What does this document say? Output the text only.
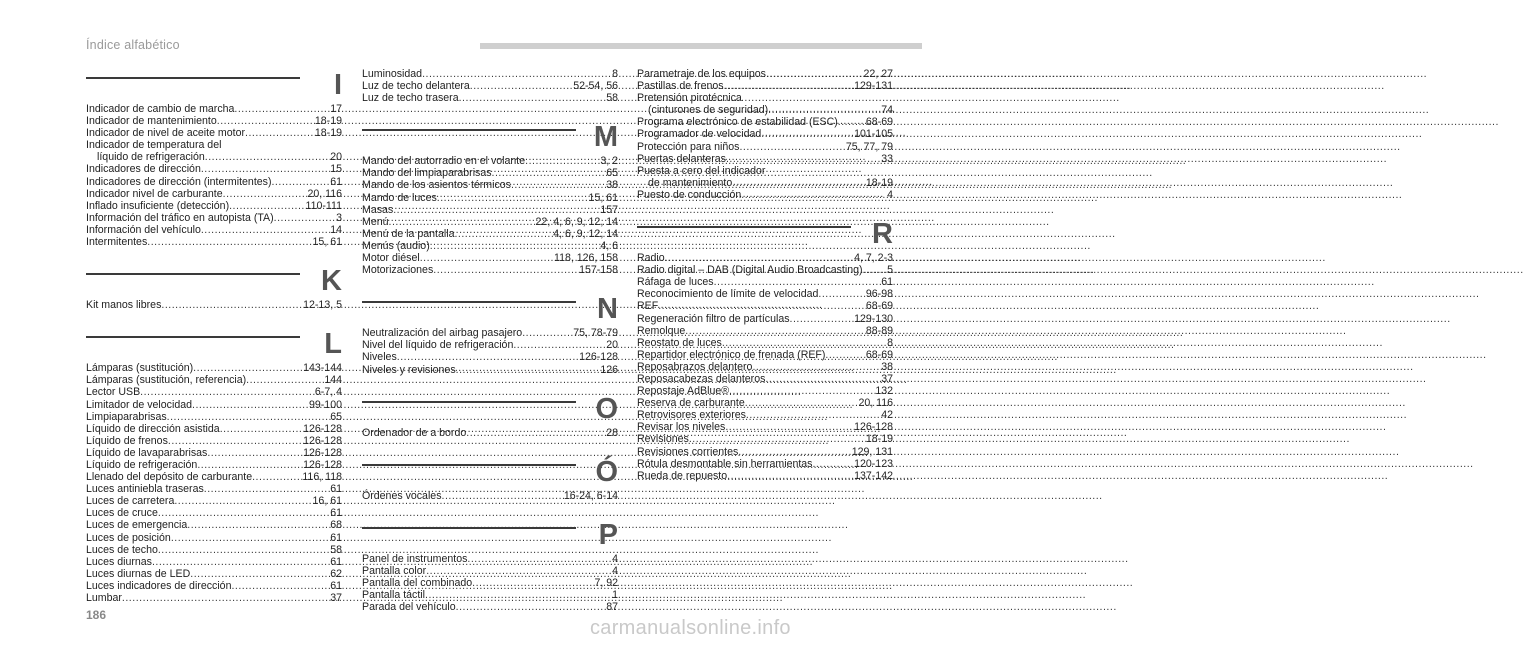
Índice alfabético
I
Indicador de cambio de marcha .....	17
Indicador de mantenimiento .....	18-19
Indicador de nivel de aceite motor .....	18-19
Indicador de temperatura del
líquido de refrigeración .....	20
Indicadores de dirección .....	15
Indicadores de dirección (intermitentes) .....	61
Indicador nivel de carburante .....	20, 116
Inflado insuficiente (detección) .....	110-111
Información del tráfico en autopista (TA) .....	3
Información del vehículo .....	14
Intermitentes .....	15, 61
K
Kit manos libres .....	12-13, 5
L
Lámparas (sustitución) .....	143-144
Lámparas (sustitución, referencia) .....	144
Lector USB .....	6-7, 4
Limitador de velocidad .....	99-100
Limpiaparabrisas .....	65
Líquido de dirección asistida .....	126-128
Líquido de frenos .....	126-128
Líquido de lavaparabrisas .....	126-128
Líquido de refrigeración .....	126-128
Llenado del depósito de carburante .....	116, 118
Luces antiniebla traseras .....	61
Luces de carretera .....	16, 61
Luces de cruce .....	61
Luces de emergencia .....	68
Luces de posición .....	61
Luces de techo .....	58
Luces diurnas .....	61
Luces diurnas de LED .....	62
Luces indicadores de dirección .....	61
Lumbar .....	37
Luminosidad .....	8
Luz de techo delantera .....	52-54, 56
Luz de techo trasera .....	58
M
Mando del autorradio en el volante .....	3, 2
Mando del limpiaparabrisas .....	65
Mando de los asientos térmicos .....	38
Mando de luces .....	15, 61
Masas .....	157
Menú .....	22, 4, 6, 9, 12, 14
Menú de la pantalla .....	4, 6, 9, 12, 14
Menús (audio) .....	4, 6
Motor diésel .....	118, 126, 158
Motorizaciones .....	157-158
N
Neutralización del airbag pasajero .....	75, 78-79
Nivel del líquido de refrigeración .....	20
Niveles .....	126-128
Niveles y revisiones .....	126
O
Ordenador de a bordo .....	28
Ó
Órdenes vocales .....	16-24, 6-14
P
Panel de instrumentos .....	4
Pantalla color .....	4
Pantalla del combinado .....	7, 92
Pantalla táctil .....	1
Parada del vehículo .....	87
Parametraje de los equipos .....	22, 27
Pastillas de frenos .....	129-131
Pretensión pirotécnica
(cinturones de seguridad) .....	74
Programa electrónico de estabilidad (ESC) .....	68-69
Programador de velocidad .....	101-105
Protección para niños .....	75, 77, 79
Puertas delanteras .....	33
Puesta a cero del indicador
de mantenimiento .....	18-19
Puesto de conducción .....	4
R
Radio .....	4, 7, 2-3
Radio digital – DAB (Digital Audio Broadcasting) ..... 5
Ráfaga de luces .....	61
Reconocimiento de límite de velocidad .....	96-98
REF .....	68-69
Regeneración filtro de partículas .....	129-130
Remolque .....	88-89
Reostato de luces .....	8
Repartidor electrónico de frenada (REF) .....	68-69
Reposabrazos delantero .....	38
Reposacabezas delanteros .....	37
Repostaje AdBlue® .....	132
Reserva de carburante .....	20, 116
Retrovisores exteriores .....	42
Revisar los niveles .....	126-128
Revisiones .....	18-19
Revisiones corrientes .....	129, 131
Rótula desmontable sin herramientas .....	120-123
Rueda de repuesto .....	137-142
186
carmanualsonline.info
